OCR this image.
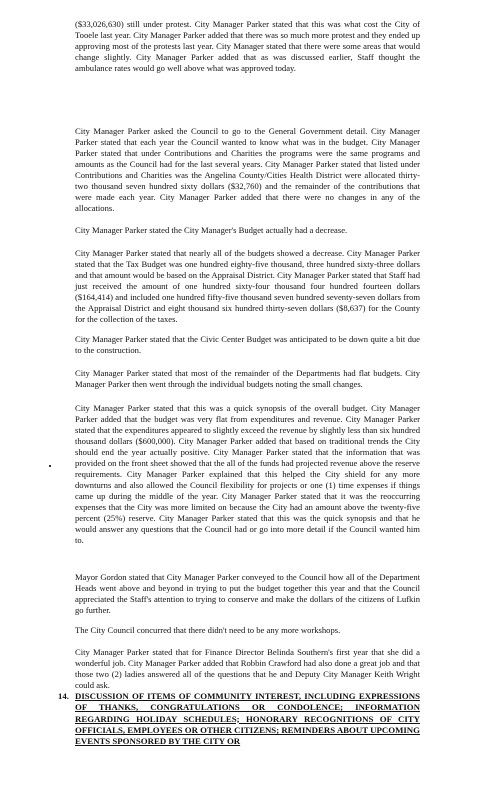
($33,026,630) still under protest. City Manager Parker stated that this was what cost the City of Tooele last year. City Manager Parker added that there was so much more protest and they ended up approving most of the protests last year. City Manager stated that there were some areas that would change slightly. City Manager Parker added that as was discussed earlier, Staff thought the ambulance rates would go well above what was approved today.

City Manager Parker asked the Council to go to the General Government detail. City Manager Parker stated that each year the Council wanted to know what was in the budget. City Manager Parker stated that under Contributions and Charities the programs were the same programs and amounts as the Council had for the last several years. City Manager Parker stated that listed under Contributions and Charities was the Angelina County/Cities Health District were allocated thirty-two thousand seven hundred sixty dollars ($32,760) and the remainder of the contributions that were made each year. City Manager Parker added that there were no changes in any of the allocations.

City Manager Parker stated the City Manager's Budget actually had a decrease.

City Manager Parker stated that nearly all of the budgets showed a decrease. City Manager Parker stated that the Tax Budget was one hundred eighty-five thousand, three hundred sixty-three dollars and that amount would be based on the Appraisal District. City Manager Parker stated that Staff had just received the amount of one hundred sixty-four thousand four hundred fourteen dollars ($164,414) and included one hundred fifty-five thousand seven hundred seventy-seven dollars from the Appraisal District and eight thousand six hundred thirty-seven dollars ($8,637) for the County for the collection of the taxes.

City Manager Parker stated that the Civic Center Budget was anticipated to be down quite a bit due to the construction.

City Manager Parker stated that most of the remainder of the Departments had flat budgets. City Manager Parker then went through the individual budgets noting the small changes.

City Manager Parker stated that this was a quick synopsis of the overall budget. City Manager Parker added that the budget was very flat from expenditures and revenue. City Manager Parker stated that the expenditures appeared to slightly exceed the revenue by slightly less than six hundred thousand dollars ($600,000). City Manager Parker added that based on traditional trends the City should end the year actually positive. City Manager Parker stated that the information that was provided on the front sheet showed that the all of the funds had projected revenue above the reserve requirements. City Manager Parker explained that this helped the City shield for any more downturns and also allowed the Council flexibility for projects or one (1) time expenses if things came up during the middle of the year. City Manager Parker stated that it was the reoccurring expenses that the City was more limited on because the City had an amount above the twenty-five percent (25%) reserve. City Manager Parker stated that this was the quick synopsis and that he would answer any questions that the Council had or go into more detail if the Council wanted him to.

Mayor Gordon stated that City Manager Parker conveyed to the Council how all of the Department Heads went above and beyond in trying to put the budget together this year and that the Council appreciated the Staff's attention to trying to conserve and make the dollars of the citizens of Lufkin go further.

The City Council concurred that there didn't need to be any more workshops.

City Manager Parker stated that for Finance Director Belinda Southern's first year that she did a wonderful job. City Manager Parker added that Robbin Crawford had also done a great job and that those two (2) ladies answered all of the questions that he and Deputy City Manager Keith Wright could ask.

14. DISCUSSION OF ITEMS OF COMMUNITY INTEREST, INCLUDING EXPRESSIONS OF THANKS, CONGRATULATIONS OR CONDOLENCE; INFORMATION REGARDING HOLIDAY SCHEDULES; HONORARY RECOGNITIONS OF CITY OFFICIALS, EMPLOYEES OR OTHER CITIZENS; REMINDERS ABOUT UPCOMING EVENTS SPONSORED BY THE CITY OR
